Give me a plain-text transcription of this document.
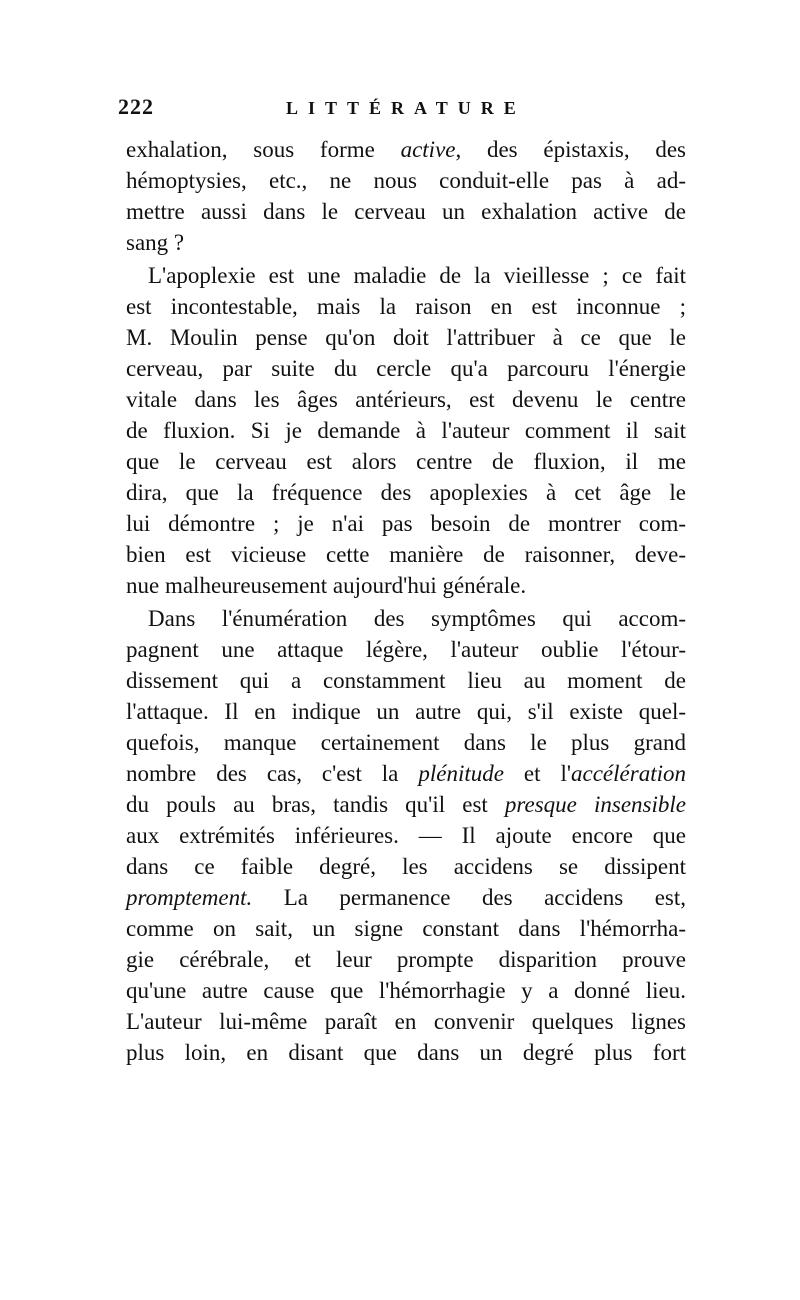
222	LITTÉRATURE
exhalation, sous forme active, des épistaxis, des
hémoptysies, etc., ne nous conduit-elle pas à ad-
mettre aussi dans le cerveau un exhalation active de
sang ?
L'apoplexie est une maladie de la vieillesse ; ce fait
est incontestable, mais la raison en est inconnue ;
M. Moulin pense qu'on doit l'attribuer à ce que le
cerveau, par suite du cercle qu'a parcouru l'énergie
vitale dans les âges antérieurs, est devenu le centre
de fluxion. Si je demande à l'auteur comment il sait
que le cerveau est alors centre de fluxion, il me
dira, que la fréquence des apoplexies à cet âge le
lui démontre ; je n'ai pas besoin de montrer com-
bien est vicieuse cette manière de raisonner, deve-
nue malheureusement aujourd'hui générale.
Dans l'énumération des symptômes qui accom-
pagnent une attaque légère, l'auteur oublie l'étour-
dissement qui a constamment lieu au moment de
l'attaque. Il en indique un autre qui, s'il existe quel-
quefois, manque certainement dans le plus grand
nombre des cas, c'est la plénitude et l'accélération
du pouls au bras, tandis qu'il est presque insensible
aux extrémités inférieures. — Il ajoute encore que
dans ce faible degré, les accidens se dissipent
promptement. La permanence des accidens est,
comme on sait, un signe constant dans l'hémorrha-
gie cérébrale, et leur prompte disparition prouve
qu'une autre cause que l'hémorrhagie y a donné lieu.
L'auteur lui-même paraît en convenir quelques lignes
plus loin, en disant que dans un degré plus fort
